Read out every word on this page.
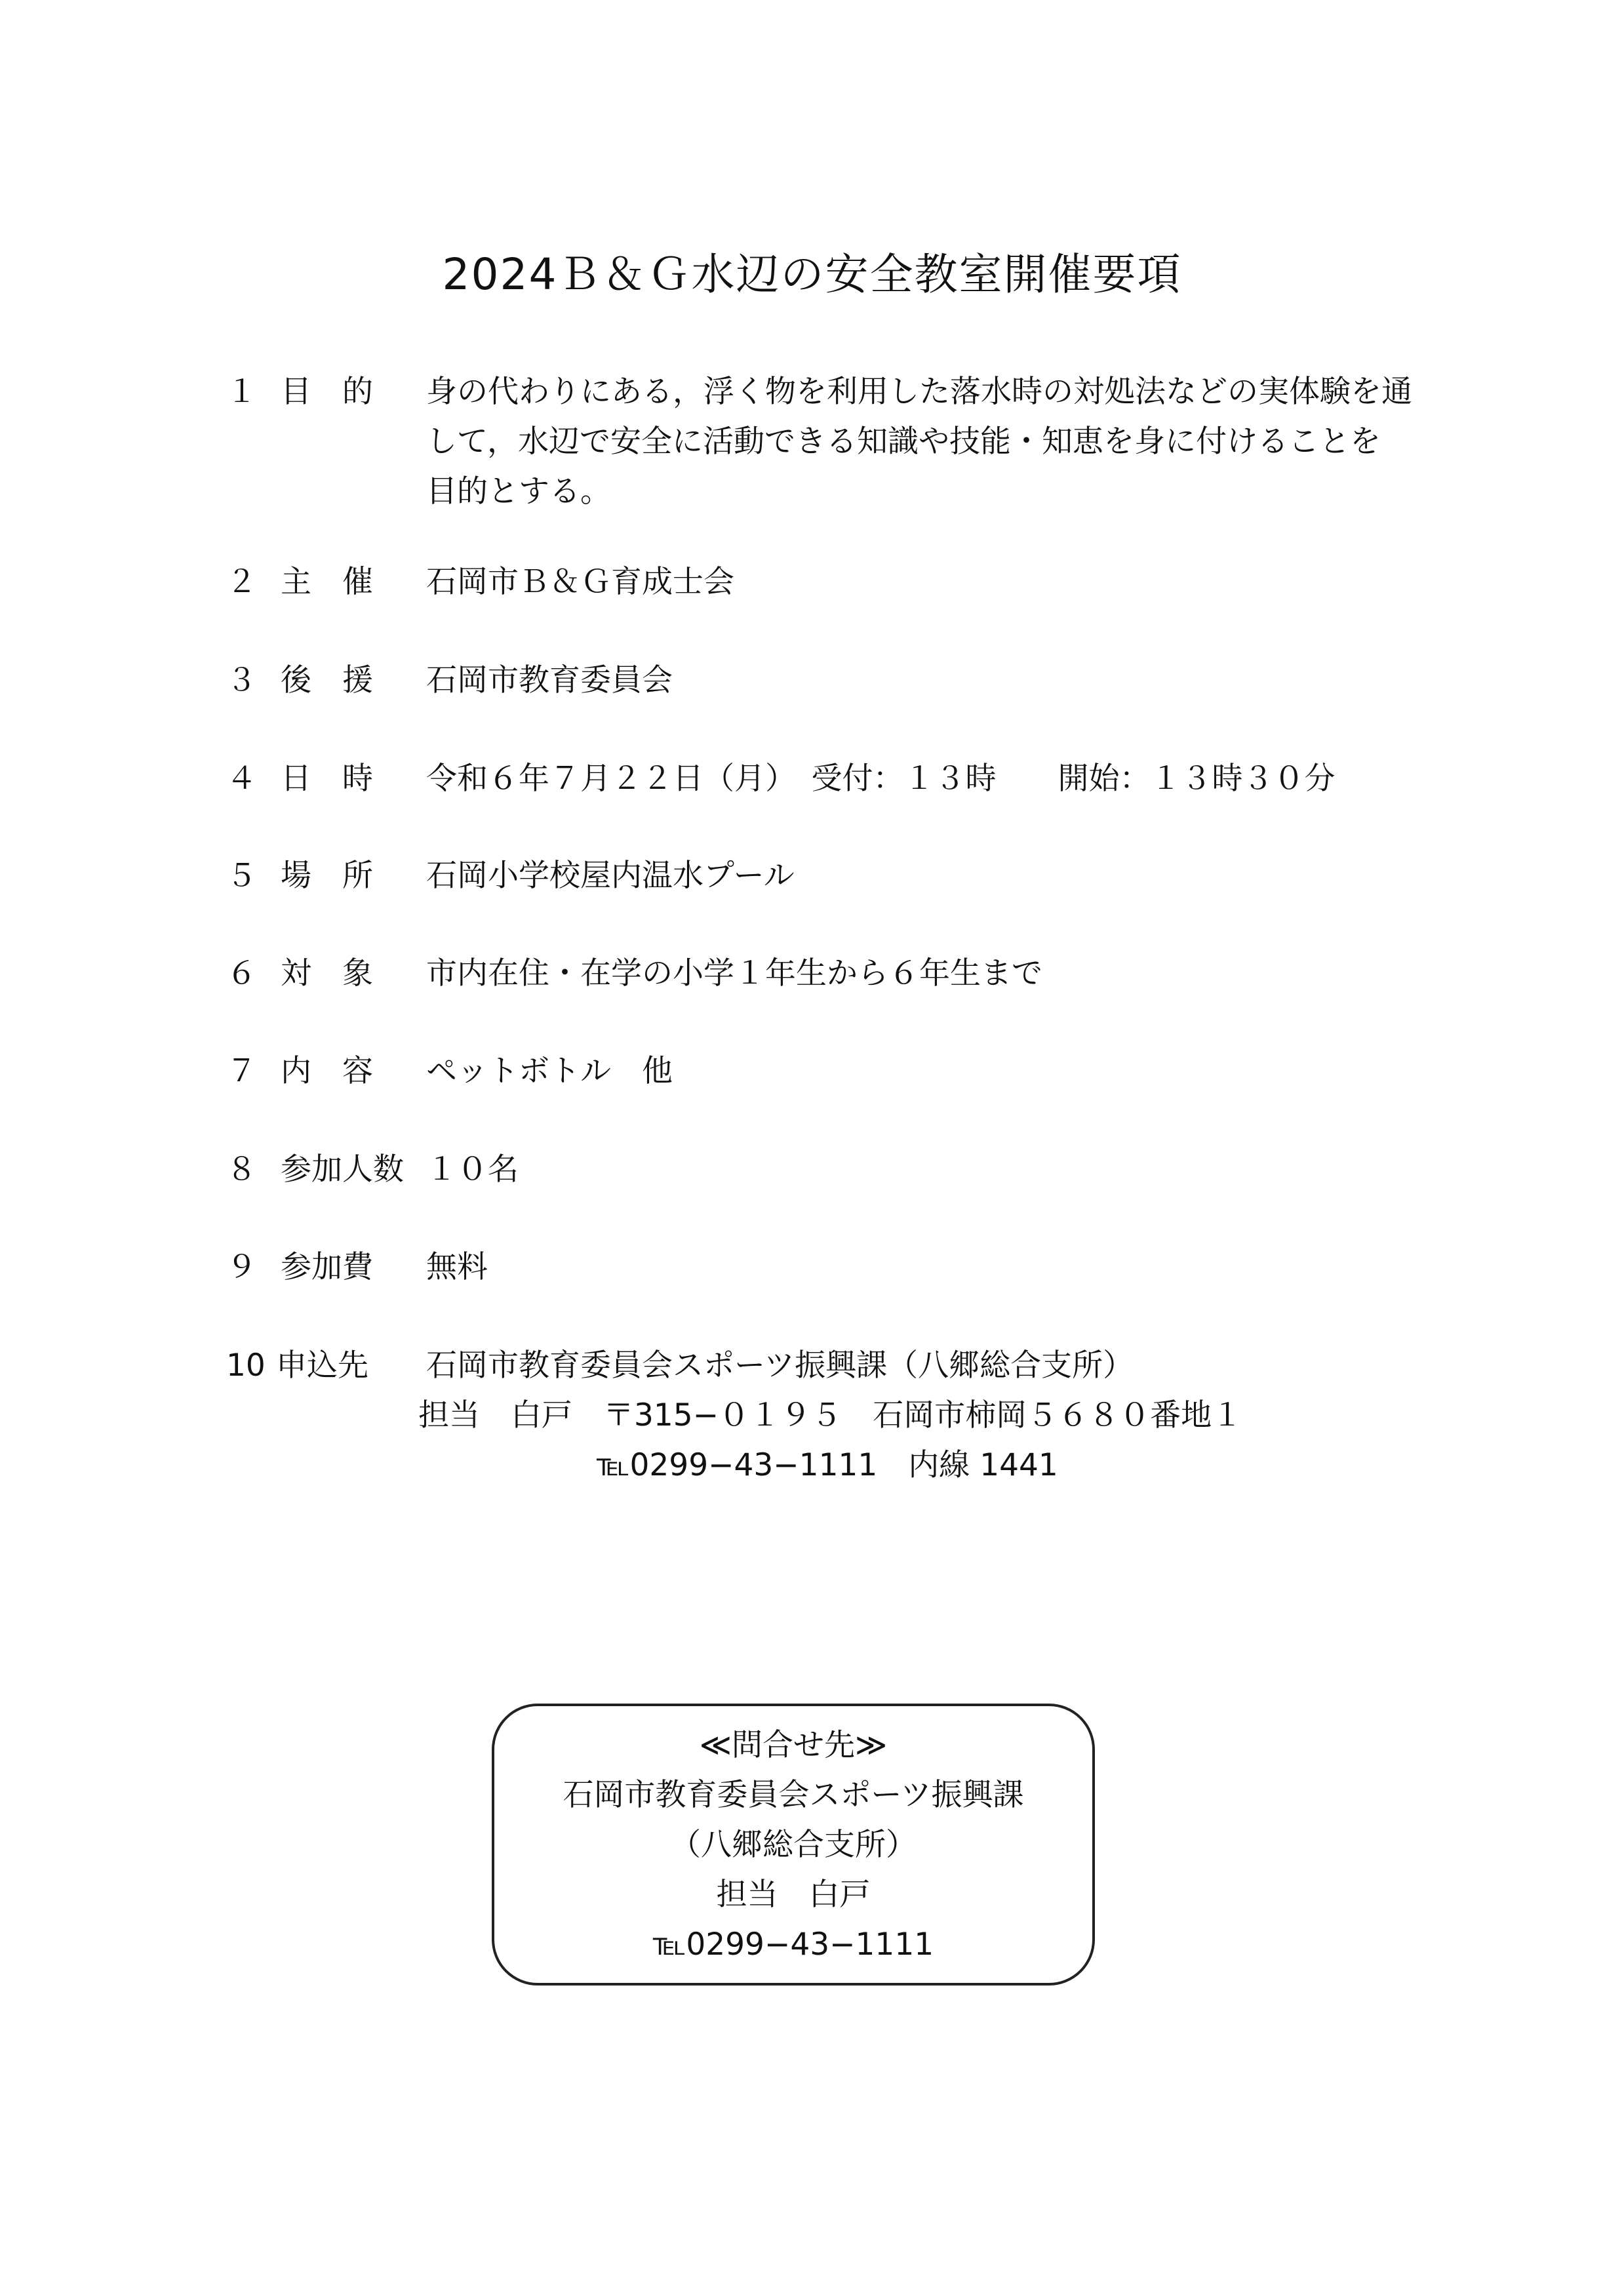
2024Ｂ＆Ｇ水辺の安全教室開催要項
１ 目　的	身の代わりにある，浮く物を利用した落水時の対処法などの実体験を通
して，水辺で安全に活動できる知識や技能・知恵を身に付けることを
目的とする。
２ 主　催	石岡市Ｂ＆Ｇ育成士会
３ 後　援	石岡市教育委員会
４ 日　時	令和６年７月２２日（月）　受付：１３時　　開始：１３時３０分
５ 場　所	石岡小学校屋内温水プール
６ 対　象	市内在住・在学の小学１年生から６年生まで
７ 内　容	ペットボトル　他
８ 参加人数 １０名
９ 参加費	無料
10 申込先	石岡市教育委員会スポーツ振興課（八郷総合支所）
担当　白戸　〒315−０１９５　石岡市柿岡５６８０番地１
℡0299−43−1111　内線 1441
≪問合せ先≫
石岡市教育委員会スポーツ振興課
（八郷総合支所）
担当　白戸
℡0299−43−1111
